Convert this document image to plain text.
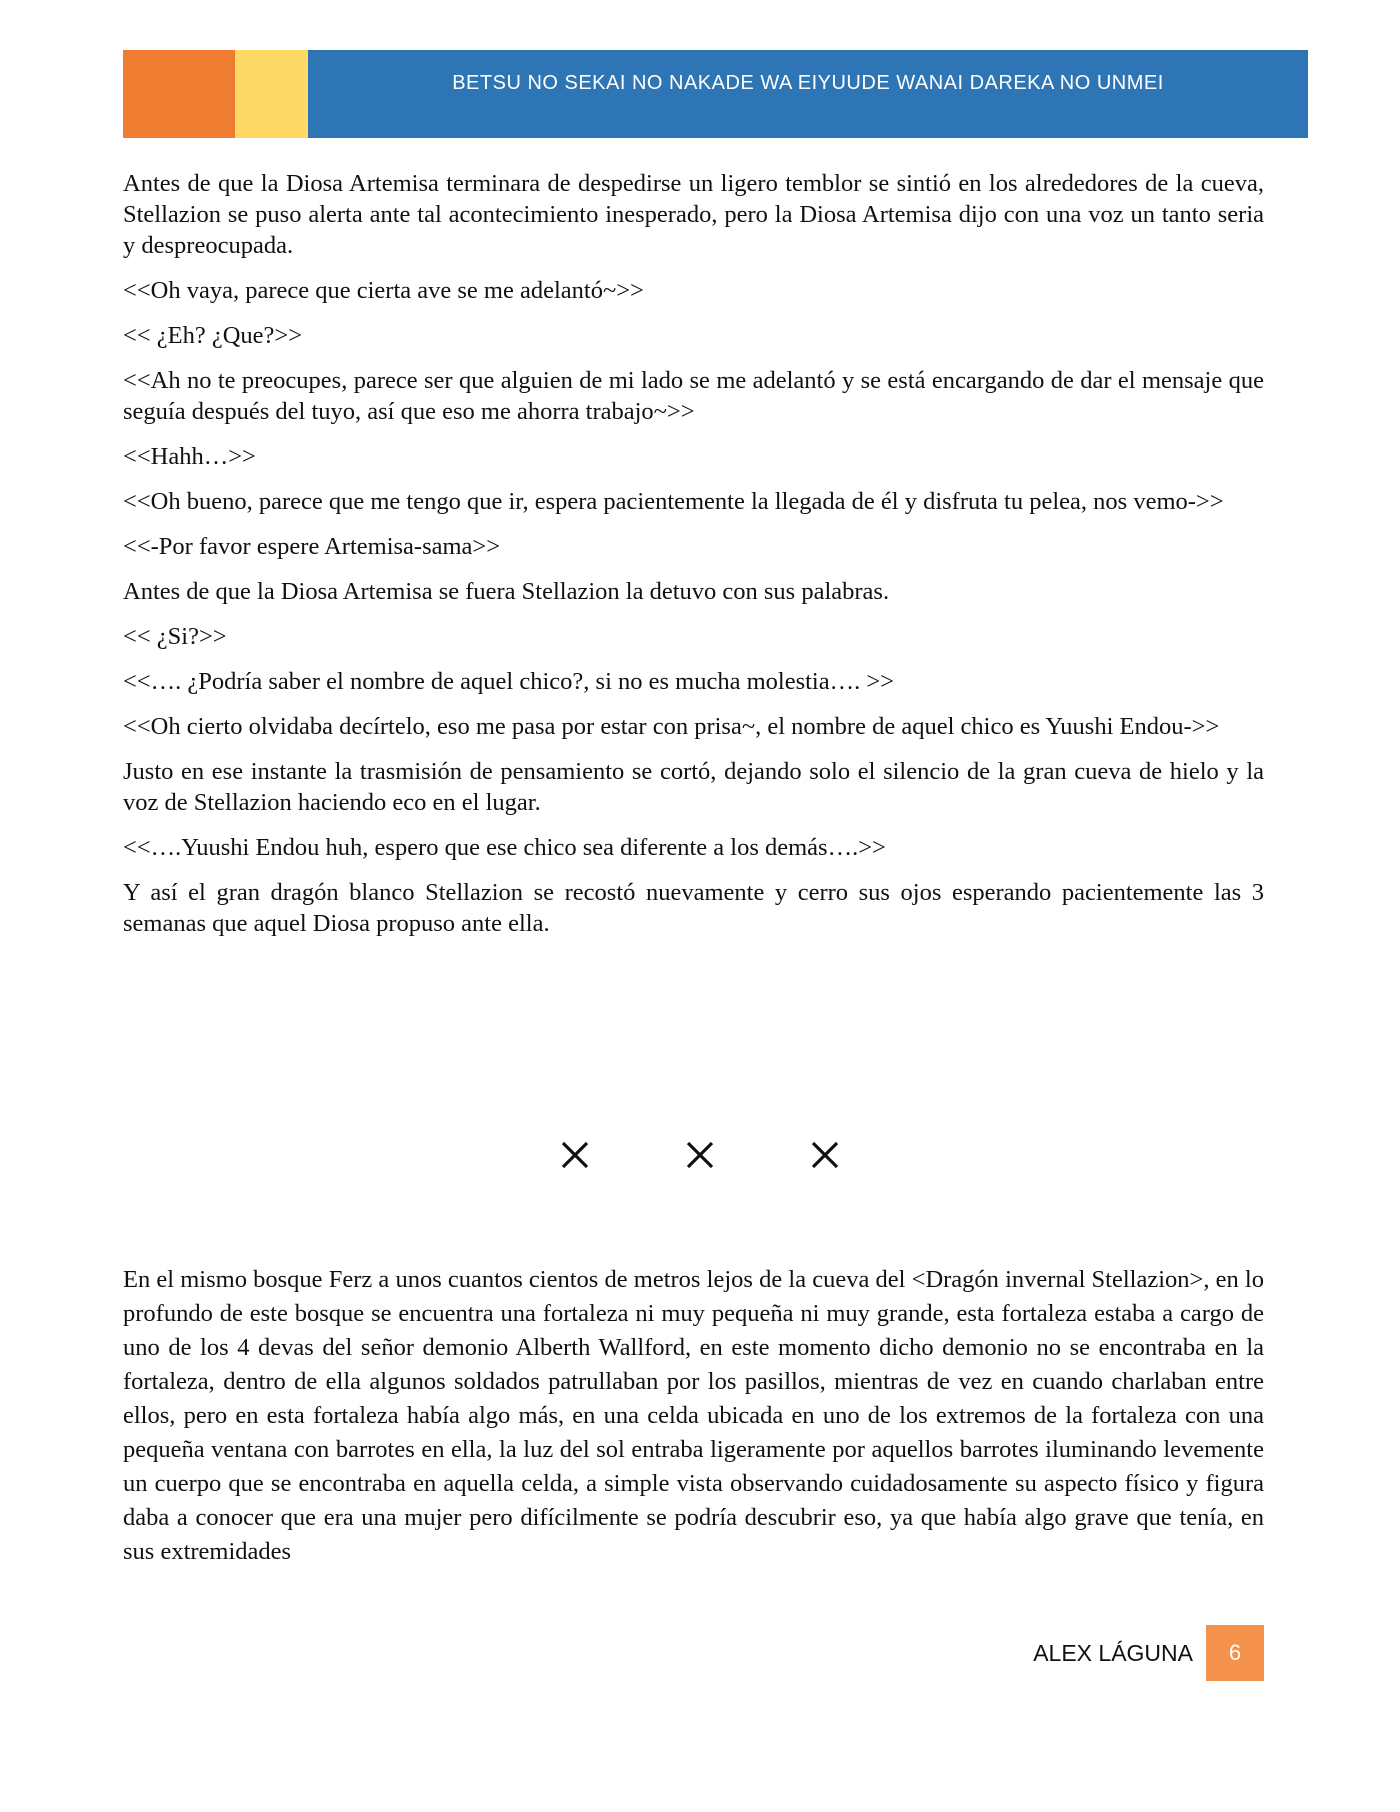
BETSU NO SEKAI NO NAKADE WA EIYUUDE WANAI DAREKA NO UNMEI

Antes de que la Diosa Artemisa terminara de despedirse un ligero temblor se sintió en los alrededores de la cueva, Stellazion se puso alerta ante tal acontecimiento inesperado, pero la Diosa Artemisa dijo con una voz un tanto seria y despreocupada.

<<Oh vaya, parece que cierta ave se me adelantó~>>

<< ¿Eh? ¿Que?>>

<<Ah no te preocupes, parece ser que alguien de mi lado se me adelantó y se está encargando de dar el mensaje que seguía después del tuyo, así que eso me ahorra trabajo~>>

<<Hahh…>>

<<Oh bueno, parece que me tengo que ir, espera pacientemente la llegada de él y disfruta tu pelea, nos vemo->>

<<-Por favor espere Artemisa-sama>>

Antes de que la Diosa Artemisa se fuera Stellazion la detuvo con sus palabras.

<< ¿Si?>>

<<…. ¿Podría saber el nombre de aquel chico?, si no es mucha molestia…. >>

<<Oh cierto olvidaba decírtelo, eso me pasa por estar con prisa~, el nombre de aquel chico es Yuushi Endou->>

Justo en ese instante la trasmisión de pensamiento se cortó, dejando solo el silencio de la gran cueva de hielo y la voz de Stellazion haciendo eco en el lugar.

<<….Yuushi Endou huh, espero que ese chico sea diferente a los demás….>>

Y así el gran dragón blanco Stellazion se recostó nuevamente y cerro sus ojos esperando pacientemente las 3 semanas que aquel Diosa propuso ante ella.

En el mismo bosque Ferz a unos cuantos cientos de metros lejos de la cueva del <Dragón invernal Stellazion>, en lo profundo de este bosque se encuentra una fortaleza ni muy pequeña ni muy grande, esta fortaleza estaba a cargo de uno de los 4 devas del señor demonio Alberth Wallford, en este momento dicho demonio no se encontraba en la fortaleza, dentro de ella algunos soldados patrullaban por los pasillos, mientras de vez en cuando charlaban entre ellos, pero en esta fortaleza había algo más, en una celda ubicada en uno de los extremos de la fortaleza con una pequeña ventana con barrotes en ella, la luz del sol entraba ligeramente por aquellos barrotes iluminando levemente un cuerpo que se encontraba en aquella celda, a simple vista observando cuidadosamente su aspecto físico y figura daba a conocer que era una mujer pero difícilmente se podría descubrir eso, ya que había algo grave que tenía, en sus extremidades

ALEX LÁGUNA 6
